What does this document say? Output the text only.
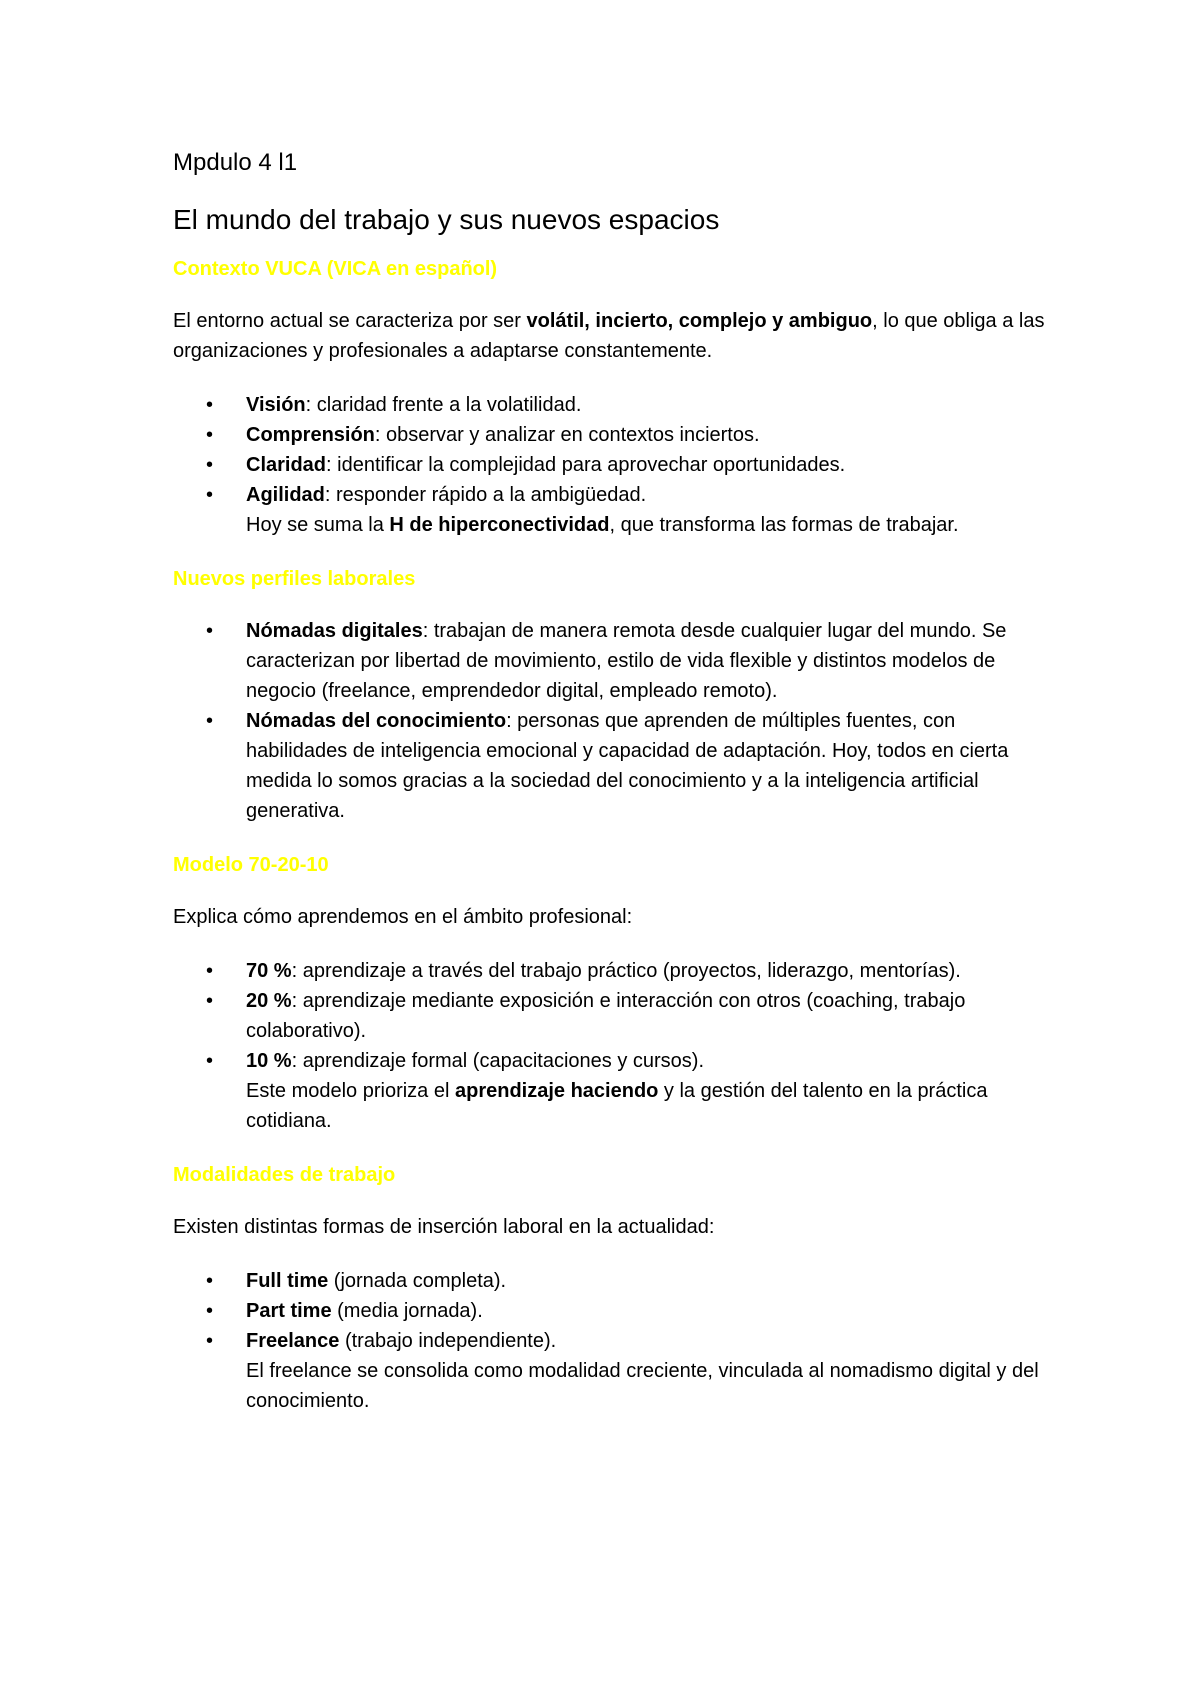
Mpdulo 4 l1
El mundo del trabajo y sus nuevos espacios
Contexto VUCA (VICA en español)

El entorno actual se caracteriza por ser volátil, incierto, complejo y ambiguo, lo que obliga a las organizaciones y profesionales a adaptarse constantemente.

• Visión: claridad frente a la volatilidad.
• Comprensión: observar y analizar en contextos inciertos.
• Claridad: identificar la complejidad para aprovechar oportunidades.
• Agilidad: responder rápido a la ambigüedad.
Hoy se suma la H de hiperconectividad, que transforma las formas de trabajar.
Nuevos perfiles laborales
• Nómadas digitales: trabajan de manera remota desde cualquier lugar del mundo. Se caracterizan por libertad de movimiento, estilo de vida flexible y distintos modelos de negocio (freelance, emprendedor digital, empleado remoto).
• Nómadas del conocimiento: personas que aprenden de múltiples fuentes, con habilidades de inteligencia emocional y capacidad de adaptación. Hoy, todos en cierta medida lo somos gracias a la sociedad del conocimiento y a la inteligencia artificial generativa.
Modelo 70-20-10

Explica cómo aprendemos en el ámbito profesional:

• 70 %: aprendizaje a través del trabajo práctico (proyectos, liderazgo, mentorías).
• 20 %: aprendizaje mediante exposición e interacción con otros (coaching, trabajo colaborativo).
• 10 %: aprendizaje formal (capacitaciones y cursos).
Este modelo prioriza el aprendizaje haciendo y la gestión del talento en la práctica cotidiana.
Modalidades de trabajo

Existen distintas formas de inserción laboral en la actualidad:

• Full time (jornada completa).
• Part time (media jornada).
• Freelance (trabajo independiente).
El freelance se consolida como modalidad creciente, vinculada al nomadismo digital y del conocimiento.
